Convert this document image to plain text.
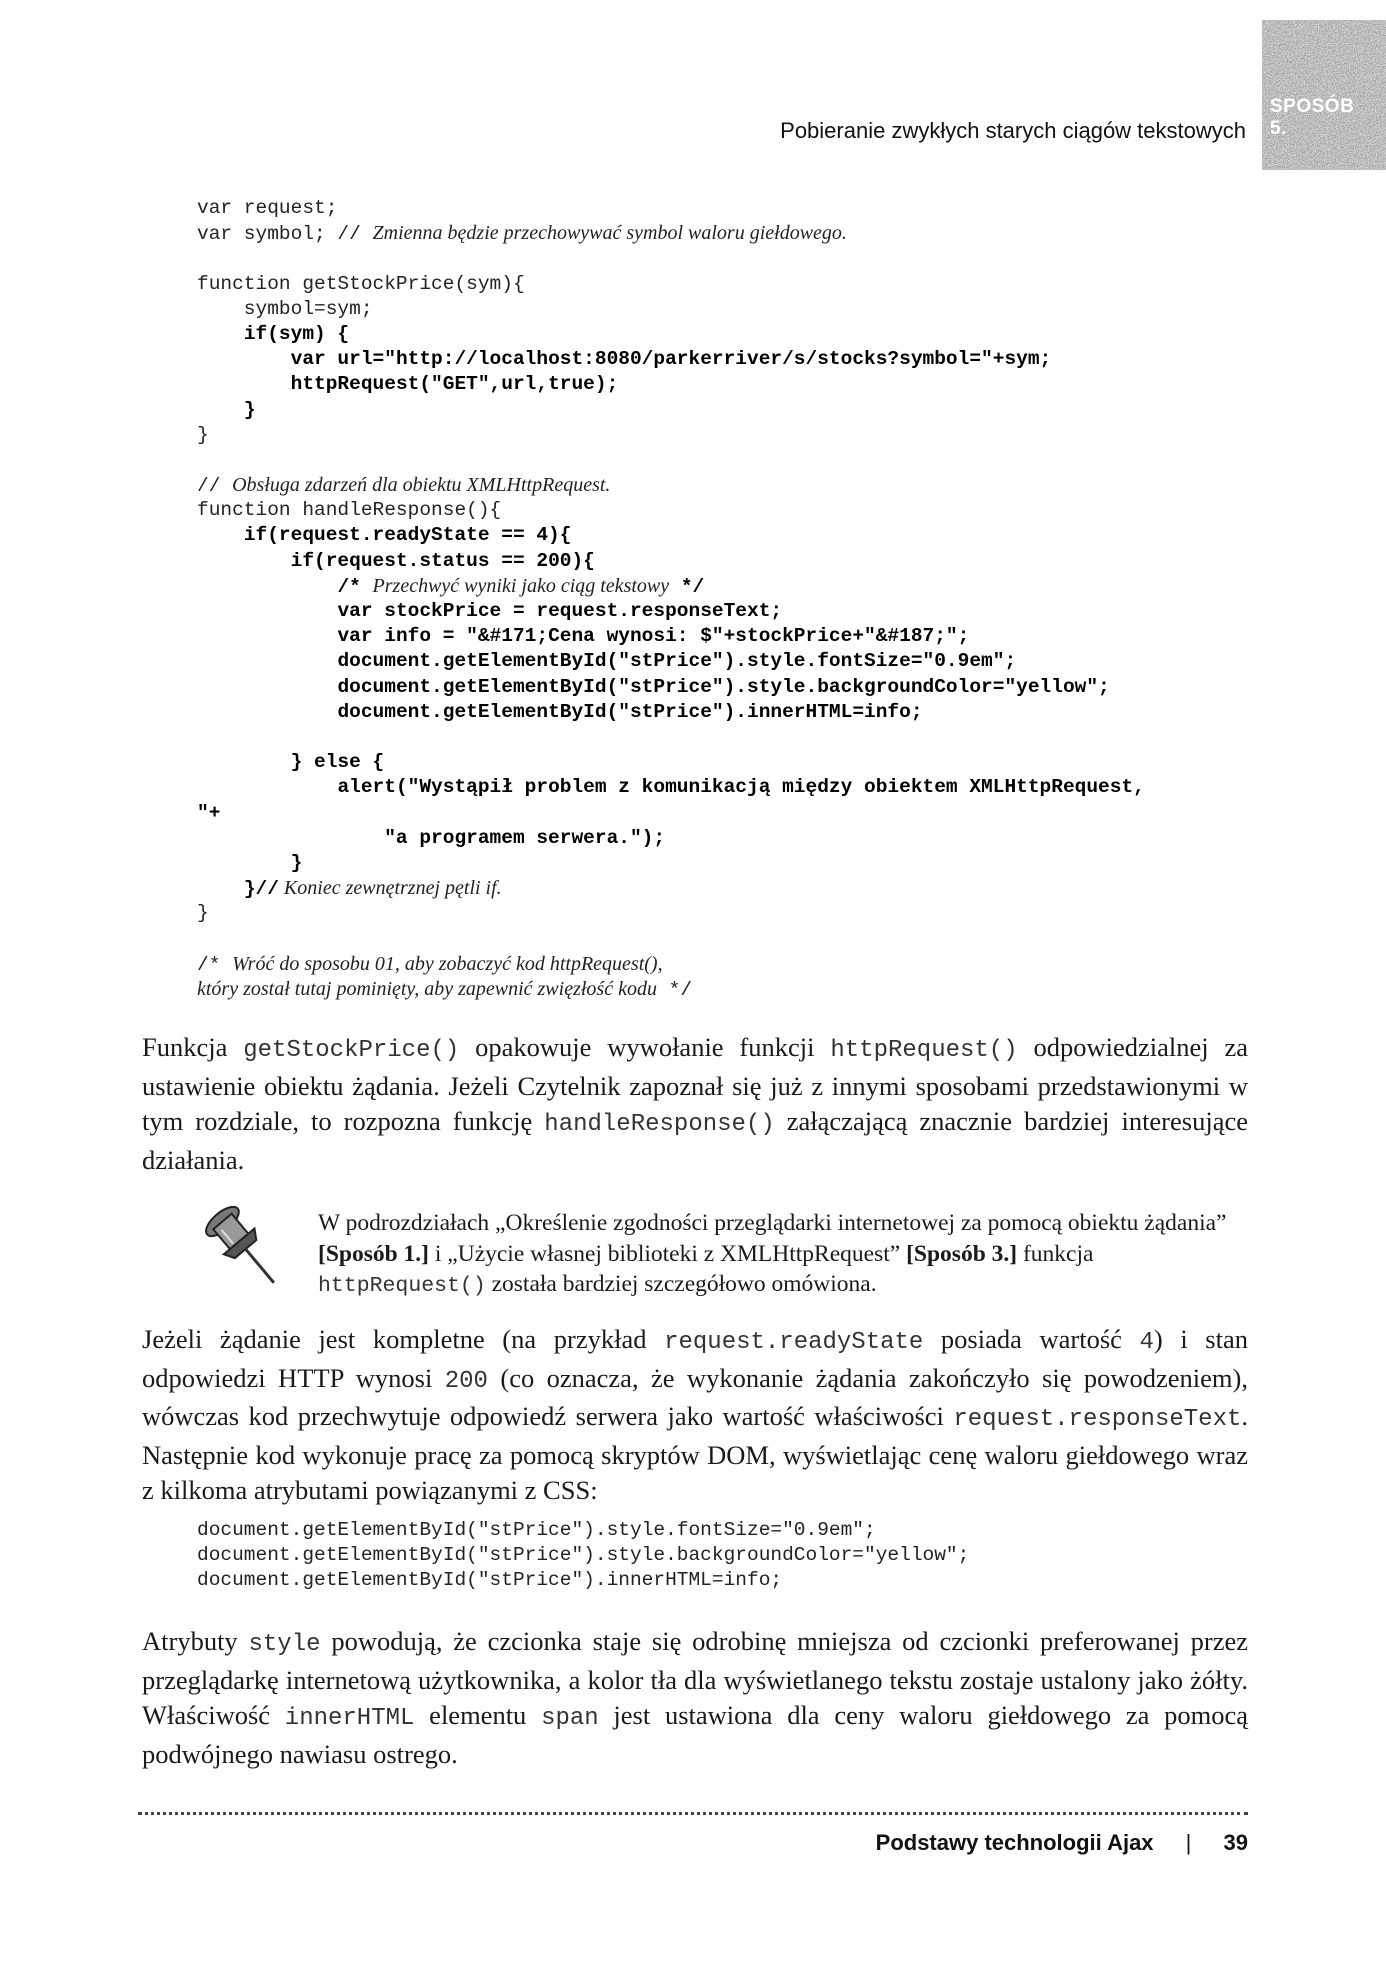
Pobieranie zwykłych starych ciągów tekstowych
SPOSÓB
5.
var request;
var symbol; // Zmienna będzie przechowywać symbol waloru giełdowego.
function getStockPrice(sym){
symbol=sym;
if(sym) {
var url="http://localhost:8080/parkerriver/s/stocks?symbol="+sym;
httpRequest("GET",url,true);
}
}
// Obsługa zdarzeń dla obiektu XMLHttpRequest.
function handleResponse(){
if(request.readyState == 4){
if(request.status == 200){
/* Przechwyć wyniki jako ciąg tekstowy */
var stockPrice = request.responseText;
var info = "&#171;Cena wynosi: $"+stockPrice+"&#187;";
document.getElementById("stPrice").style.fontSize="0.9em";
document.getElementById("stPrice").style.backgroundColor="yellow";
document.getElementById("stPrice").innerHTML=info;
} else {
alert("Wystąpił problem z komunikacją między obiektem XMLHttpRequest,
"+
"a programem serwera.");
}
}// Koniec zewnętrznej pętli if.
}
/* Wróć do sposobu 01, aby zobaczyć kod httpRequest(),
który został tutaj pominięty, aby zapewnić zwięzłość kodu */

Funkcja getStockPrice() opakowuje wywołanie funkcji httpRequest() odpowiedzialnej za ustawienie obiektu żądania. Jeżeli Czytelnik zapoznał się już z innymi sposobami przedstawionymi w tym rozdziale, to rozpozna funkcję handleResponse() załączającą znacznie bardziej interesujące działania.

W podrozdziałach „Określenie zgodności przeglądarki internetowej za pomocą obiektu żądania” [Sposób 1.] i „Użycie własnej biblioteki z XMLHttpRequest” [Sposób 3.] funkcja httpRequest() została bardziej szczegółowo omówiona.

Jeżeli żądanie jest kompletne (na przykład request.readyState posiada wartość 4) i stan odpowiedzi HTTP wynosi 200 (co oznacza, że wykonanie żądania zakończyło się powodzeniem), wówczas kod przechwytuje odpowiedź serwera jako wartość właściwości request.responseText. Następnie kod wykonuje pracę za pomocą skryptów DOM, wyświetlając cenę waloru giełdowego wraz z kilkoma atrybutami powiązanymi z CSS:

document.getElementById("stPrice").style.fontSize="0.9em";
document.getElementById("stPrice").style.backgroundColor="yellow";
document.getElementById("stPrice").innerHTML=info;

Atrybuty style powodują, że czcionka staje się odrobinę mniejsza od czcionki preferowanej przez przeglądarkę internetową użytkownika, a kolor tła dla wyświetlanego tekstu zostaje ustalony jako żółty. Właściwość innerHTML elementu span jest ustawiona dla ceny waloru giełdowego za pomocą podwójnego nawiasu ostrego.

Podstawy technologii Ajax | 39
